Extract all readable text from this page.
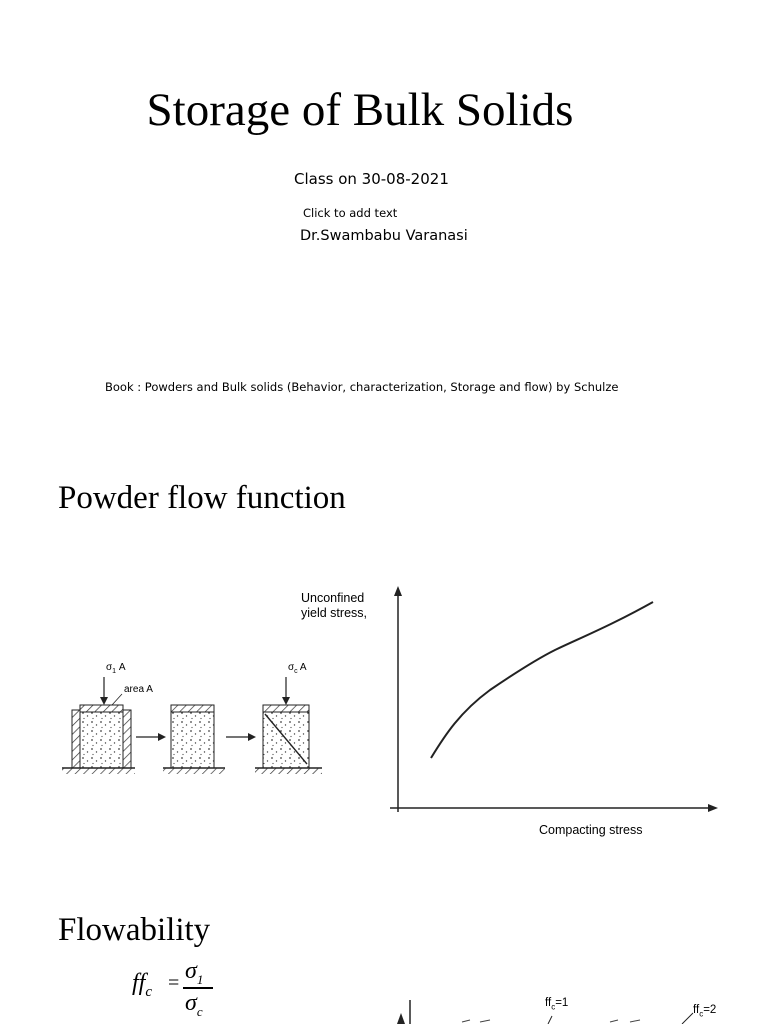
Storage of Bulk Solids
Class on 30-08-2021
Click to add text
Dr.Swambabu Varanasi
Book : Powders and Bulk solids (Behavior, characterization, Storage and flow) by Schulze
Powder flow function
$\sigma_1$ A
area A
$\sigma_c$ A
Unconfined
yield stress,
Compacting stress
Flowability
$ff_c = \sigma_1$
$\sigma_c$
$ff_c=1$
$ff_c=2$
